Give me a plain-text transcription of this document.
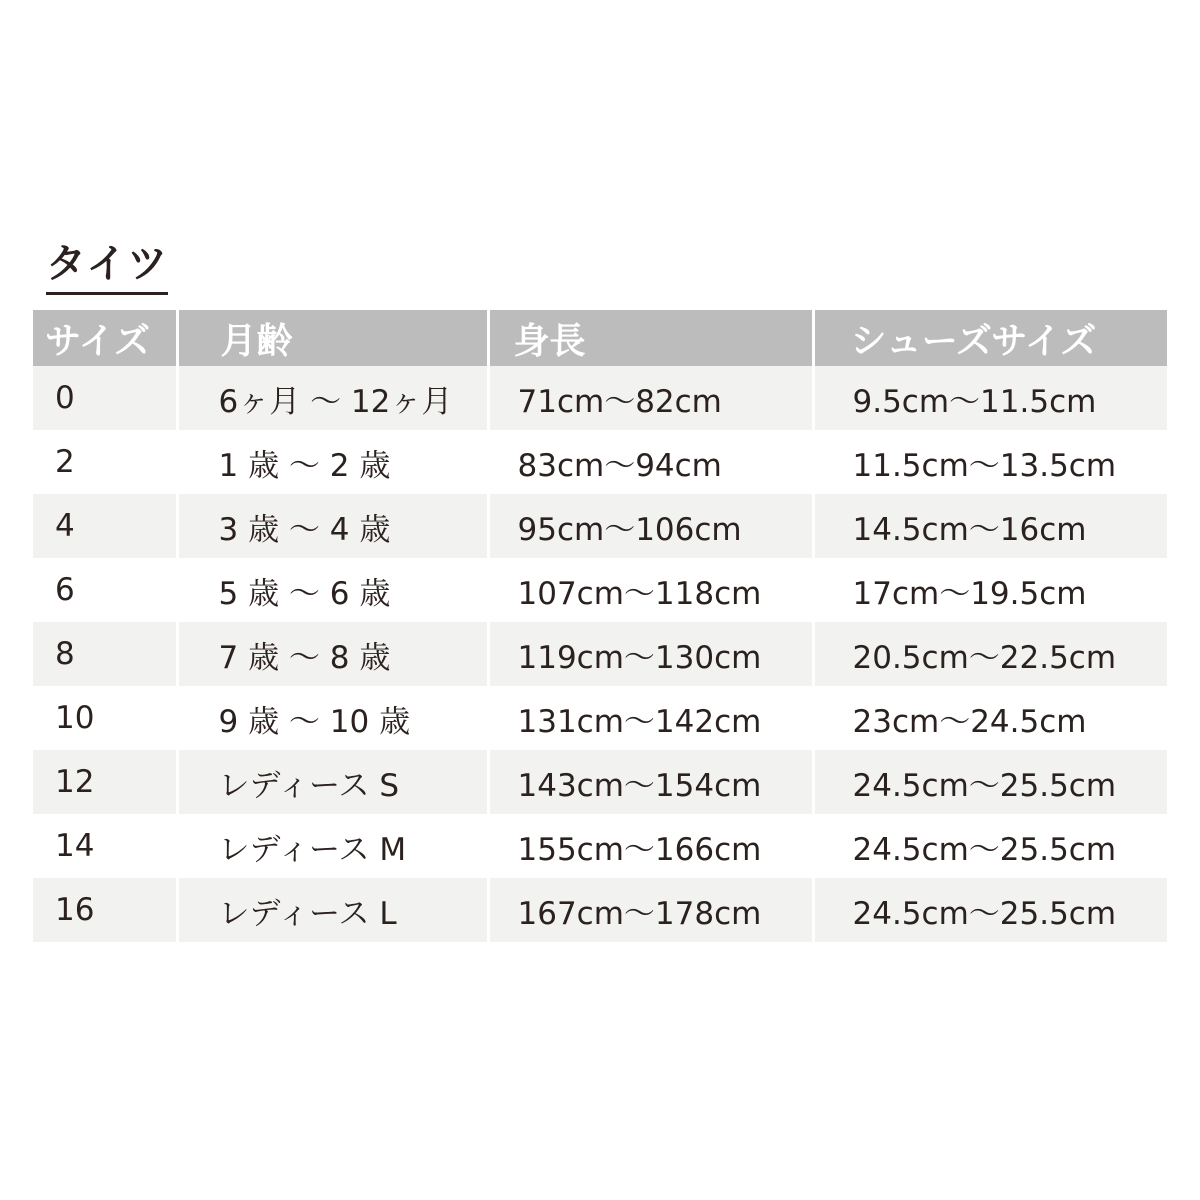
タイツ
サイズ	月齢	身長	シューズサイズ
0	6ヶ月 〜 12ヶ月	71cm〜82cm	9.5cm〜11.5cm
2	1 歳 〜 2 歳	83cm〜94cm	11.5cm〜13.5cm
4	3 歳 〜 4 歳	95cm〜106cm	14.5cm〜16cm
6	5 歳 〜 6 歳	107cm〜118cm	17cm〜19.5cm
8	7 歳 〜 8 歳	119cm〜130cm	20.5cm〜22.5cm
10	9 歳 〜 10 歳	131cm〜142cm	23cm〜24.5cm
12	レディース S	143cm〜154cm	24.5cm〜25.5cm
14	レディース M	155cm〜166cm	24.5cm〜25.5cm
16	レディース L	167cm〜178cm	24.5cm〜25.5cm
